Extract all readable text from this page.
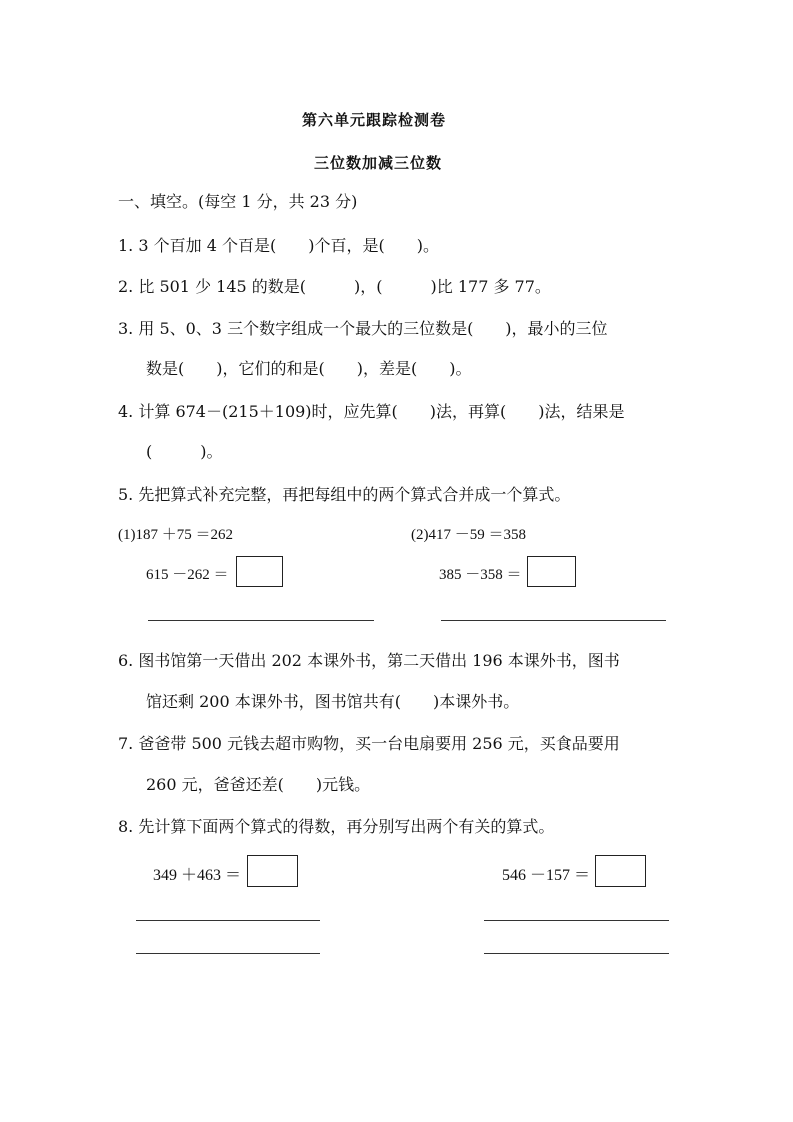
第六单元跟踪检测卷
三位数加减三位数
一、填空。(每空 1 分，共 23 分)
1. 3 个百加 4 个百是(　　)个百，是(　　)。
2. 比 501 少 145 的数是(　　　)，(　　　)比 177 多 77。
3. 用 5、0、3 三个数字组成一个最大的三位数是(　　)，最小的三位
数是(　　)，它们的和是(　　)，差是(　　)。
4. 计算 674－(215＋109)时，应先算(　　)法，再算(　　)法，结果是
(　　　)。
5. 先把算式补充完整，再把每组中的两个算式合并成一个算式。
(1)187 ＋75 ＝262
615 －262 ＝
(2)417 －59 ＝358
385 －358 ＝
6. 图书馆第一天借出 202 本课外书，第二天借出 196 本课外书，图书
馆还剩 200 本课外书，图书馆共有(　　)本课外书。
7. 爸爸带 500 元钱去超市购物，买一台电扇要用 256 元，买食品要用
260 元，爸爸还差(　　)元钱。
8. 先计算下面两个算式的得数，再分别写出两个有关的算式。
349 ＋463 ＝	546 －157 ＝
